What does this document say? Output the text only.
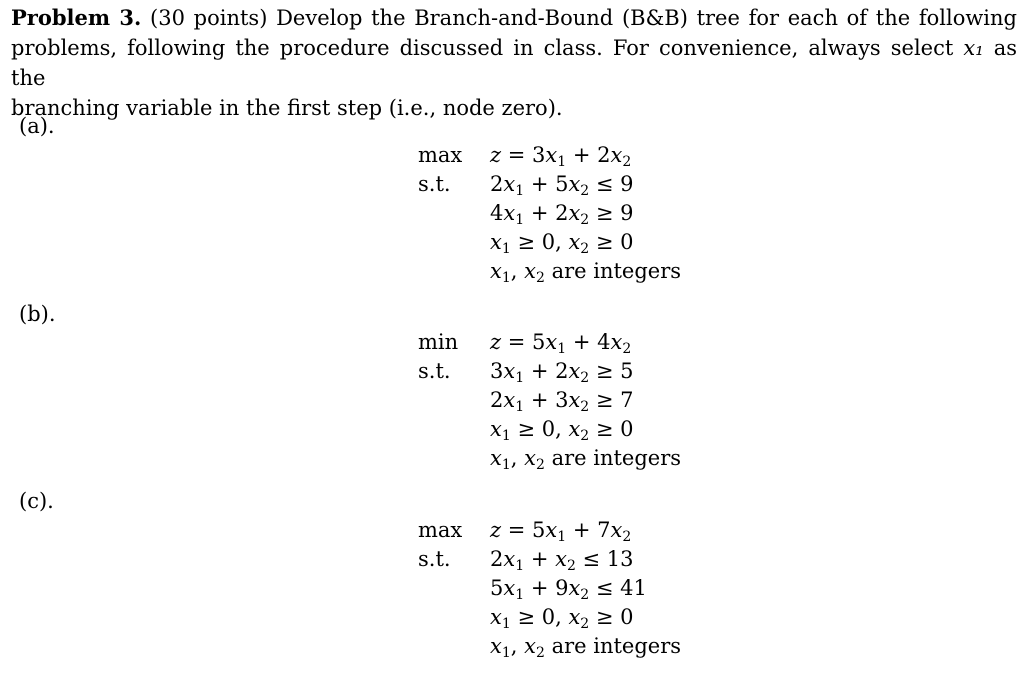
Problem 3. (30 points) Develop the Branch-and-Bound (B&B) tree for each of the following
problems, following the procedure discussed in class. For convenience, always select x₁ as the
branching variable in the first step (i.e., node zero).
(a).
max	$z = 3x_1 + 2x_2$
s.t.	$2x_1 + 5x_2 \le 9$
$4x_1 + 2x_2 \ge 9$
$x_1 \ge 0$, $x_2 \ge 0$
$x_1$, $x_2$ are integers
(b).
min	$z = 5x_1 + 4x_2$
s.t.	$3x_1 + 2x_2 \ge 5$
$2x_1 + 3x_2 \ge 7$
$x_1 \ge 0$, $x_2 \ge 0$
$x_1$, $x_2$ are integers
(c).
max	$z = 5x_1 + 7x_2$
s.t.	$2x_1 + x_2 \le 13$
$5x_1 + 9x_2 \le 41$
$x_1 \ge 0$, $x_2 \ge 0$
$x_1$, $x_2$ are integers
